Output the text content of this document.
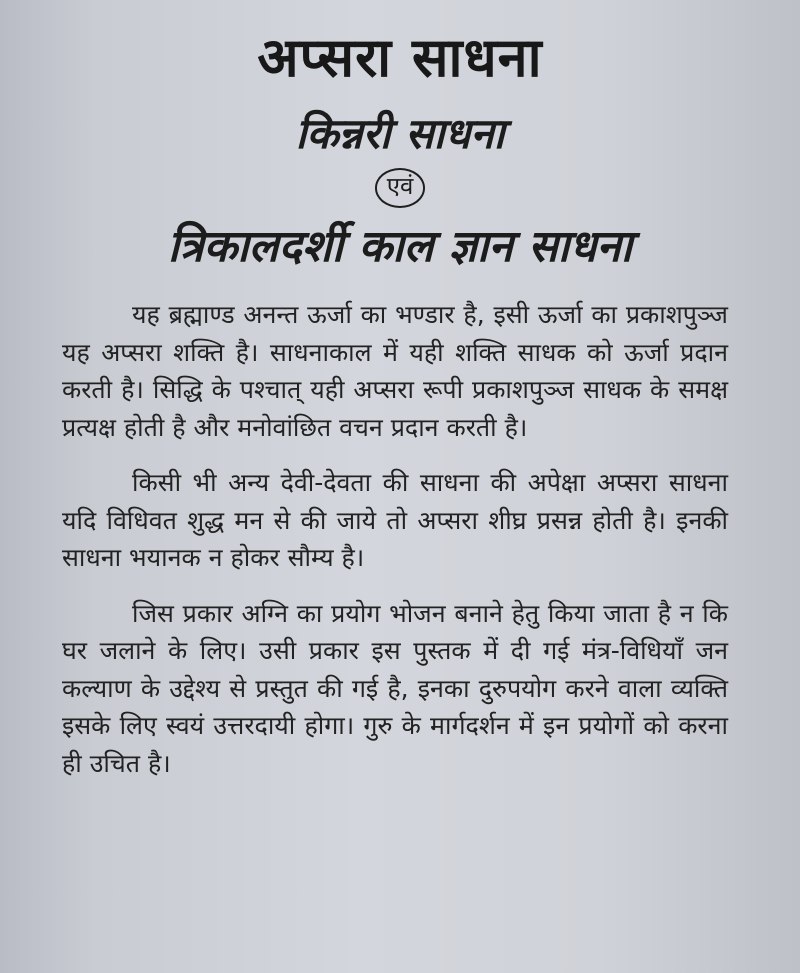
अप्सरा साधना
किन्नरी साधना
एवं
त्रिकालदर्शी काल ज्ञान साधना

यह ब्रह्माण्ड अनन्त ऊर्जा का भण्डार है, इसी ऊर्जा का प्रकाशपुञ्ज यह अप्सरा शक्ति है। साधनाकाल में यही शक्ति साधक को ऊर्जा प्रदान करती है। सिद्धि के पश्चात् यही अप्सरा रूपी प्रकाशपुञ्ज साधक के समक्ष प्रत्यक्ष होती है और मनोवांछित वचन प्रदान करती है।

किसी भी अन्य देवी-देवता की साधना की अपेक्षा अप्सरा साधना यदि विधिवत शुद्ध मन से की जाये तो अप्सरा शीघ्र प्रसन्न होती है। इनकी साधना भयानक न होकर सौम्य है।

जिस प्रकार अग्नि का प्रयोग भोजन बनाने हेतु किया जाता है न कि घर जलाने के लिए। उसी प्रकार इस पुस्तक में दी गई मंत्र-विधियाँ जन कल्याण के उद्देश्य से प्रस्तुत की गई है, इनका दुरुपयोग करने वाला व्यक्ति इसके लिए स्वयं उत्तरदायी होगा। गुरु के मार्गदर्शन में इन प्रयोगों को करना ही उचित है।
